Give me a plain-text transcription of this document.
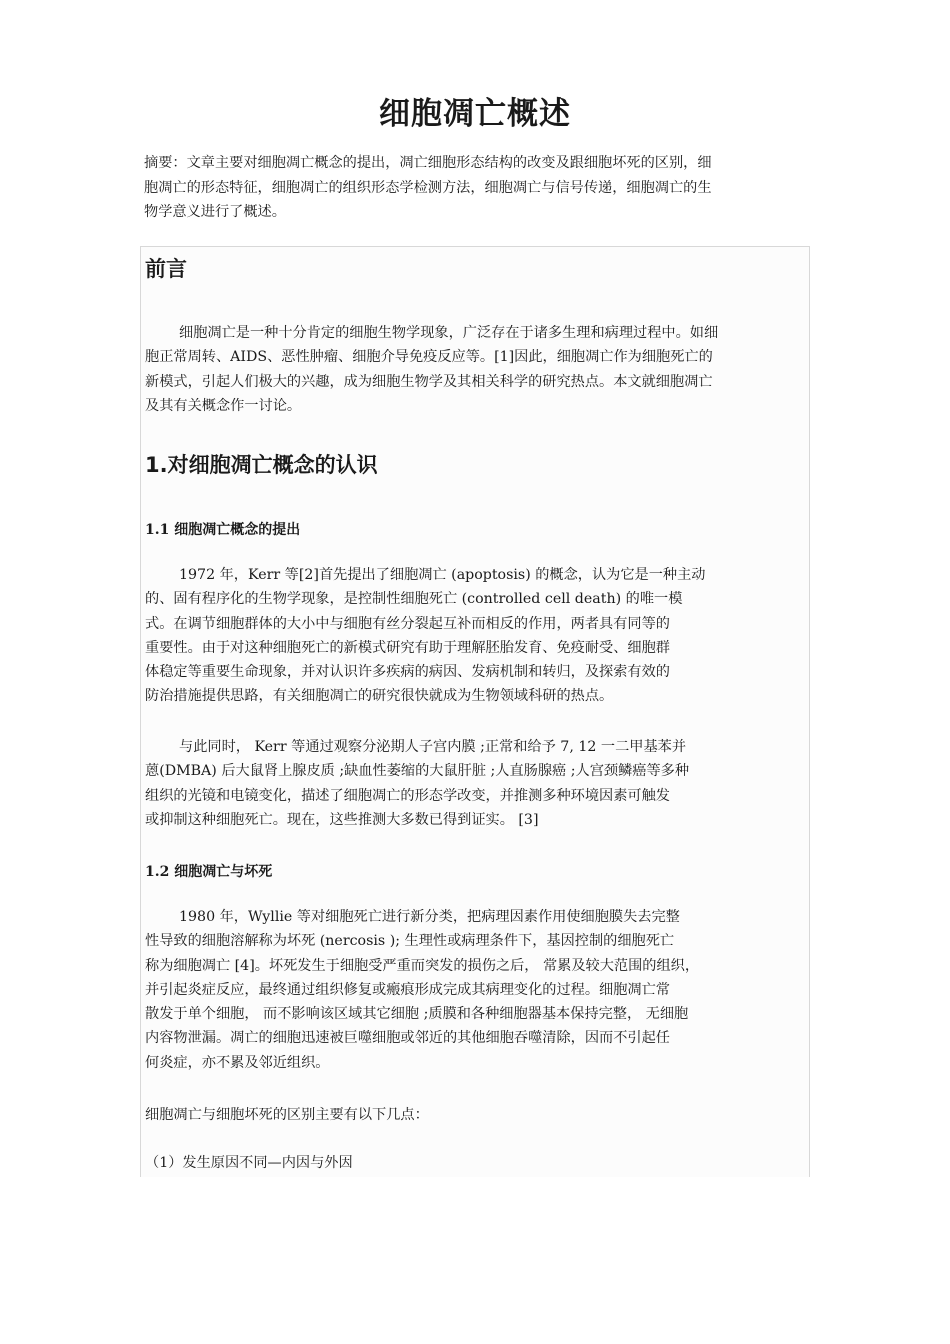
细胞凋亡概述

摘要：文章主要对细胞凋亡概念的提出，凋亡细胞形态结构的改变及跟细胞坏死的区别，细
胞凋亡的形态特征，细胞凋亡的组织形态学检测方法，细胞凋亡与信号传递，细胞凋亡的生
物学意义进行了概述。

前言

细胞凋亡是一种十分肯定的细胞生物学现象，广泛存在于诸多生理和病理过程中。如细
胞正常周转、AIDS、恶性肿瘤、细胞介导免疫反应等。[1]因此，细胞凋亡作为细胞死亡的
新模式，引起人们极大的兴趣，成为细胞生物学及其相关科学的研究热点。本文就细胞凋亡
及其有关概念作一讨论。

1.对细胞凋亡概念的认识
1.1 细胞凋亡概念的提出

1972 年，Kerr 等[2]首先提出了细胞凋亡 (apoptosis) 的概念，认为它是一种主动
的、固有程序化的生物学现象，是控制性细胞死亡 (controlled cell death) 的唯一模
式。在调节细胞群体的大小中与细胞有丝分裂起互补而相反的作用，两者具有同等的
重要性。由于对这种细胞死亡的新模式研究有助于理解胚胎发育、免疫耐受、细胞群
体稳定等重要生命现象，并对认识许多疾病的病因、发病机制和转归，及探索有效的
防治措施提供思路，有关细胞凋亡的研究很快就成为生物领域科研的热点。

与此同时， Kerr 等通过观察分泌期人子宫内膜 ;正常和给予 7, 12 一二甲基苯并
蒽(DMBA) 后大鼠肾上腺皮质 ;缺血性萎缩的大鼠肝脏 ;人直肠腺癌 ;人宫颈鳞癌等多种
组织的光镜和电镜变化，描述了细胞凋亡的形态学改变，并推测多种环境因素可触发
或抑制这种细胞死亡。现在，这些推测大多数已得到证实。 [3]

1.2 细胞凋亡与坏死

1980 年，Wyllie 等对细胞死亡进行新分类，把病理因素作用使细胞膜失去完整
性导致的细胞溶解称为坏死 (nercosis ); 生理性或病理条件下，基因控制的细胞死亡
称为细胞凋亡 [4]。坏死发生于细胞受严重而突发的损伤之后， 常累及较大范围的组织，
并引起炎症反应，最终通过组织修复或瘢痕形成完成其病理变化的过程。细胞凋亡常
散发于单个细胞， 而不影响该区域其它细胞 ;质膜和各种细胞器基本保持完整， 无细胞
内容物泄漏。凋亡的细胞迅速被巨噬细胞或邻近的其他细胞吞噬清除，因而不引起任
何炎症，亦不累及邻近组织。

细胞凋亡与细胞坏死的区别主要有以下几点：

（1）发生原因不同—内因与外因
